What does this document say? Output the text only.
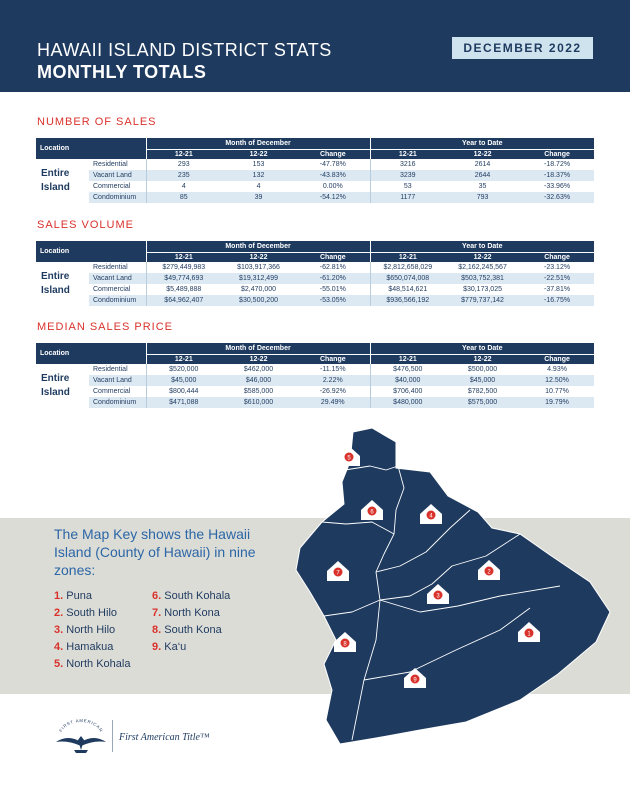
HAWAII ISLAND DISTRICT STATS
MONTHLY TOTALS
DECEMBER 2022
NUMBER OF SALES
Location		Month of December			Year to Date		
		12-21	12-22	Change	12-21	12-22	Change
Entire Island	Residential	293	153	-47.78%	3216	2614	-18.72%
	Vacant Land	235	132	-43.83%	3239	2644	-18.37%
	Commercial	4	4	0.00%	53	35	-33.96%
	Condominium	85	39	-54.12%	1177	793	-32.63%
SALES VOLUME
Location		Month of December			Year to Date		
		12-21	12-22	Change	12-21	12-22	Change
Entire Island	Residential	$279,449,983	$103,917,366	-62.81%	$2,812,658,029	$2,162,245,567	-23.12%
	Vacant Land	$49,774,693	$19,312,499	-61.20%	$650,074,008	$503,752,381	-22.51%
	Commercial	$5,489,888	$2,470,000	-55.01%	$48,514,621	$30,173,025	-37.81%
	Condominium	$64,962,407	$30,500,200	-53.05%	$936,566,192	$779,737,142	-16.75%
MEDIAN SALES PRICE
Location		Month of December			Year to Date		
		12-21	12-22	Change	12-21	12-22	Change
Entire Island	Residential	$520,000	$462,000	-11.15%	$476,500	$500,000	4.93%
	Vacant Land	$45,000	$46,000	2.22%	$40,000	$45,000	12.50%
	Commercial	$800,444	$585,000	-26.92%	$706,400	$782,500	10.77%
	Condominium	$471,088	$610,000	29.49%	$480,000	$575,000	19.79%
The Map Key shows the Hawaii Island (County of Hawaii) in nine zones:
1. Puna
2. South Hilo
3. North Hilo
4. Hamakua
5. North Kohala
6. South Kohala
7. North Kona
8. South Kona
9. Ka‘u
5
6
4
7
3
2
8
1
9
FIRST AMERICAN
First American Title™
